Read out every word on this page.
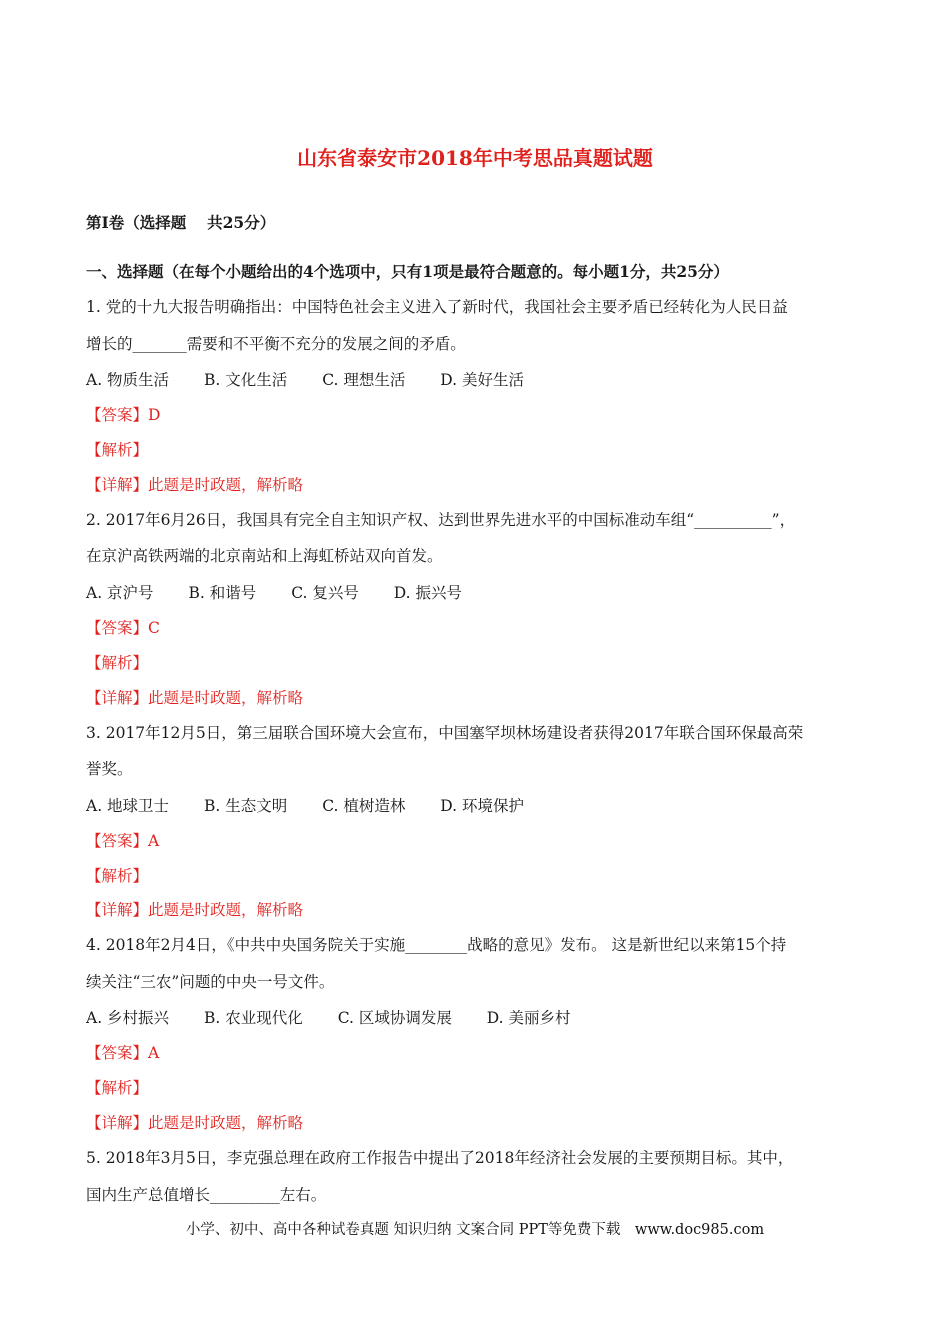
山东省泰安市2018年中考思品真题试题

第I卷（选择题　 共25分）

一、选择题（在每个小题给出的4个选项中，只有1项是最符合题意的。每小题1分，共25分）

1. 党的十九大报告明确指出：中国特色社会主义进入了新时代，我国社会主要矛盾已经转化为人民日益

增长的_______需要和不平衡不充分的发展之间的矛盾。

A. 物质生活 B. 文化生活 C. 理想生活 D. 美好生活

【答案】D

【解析】

【详解】此题是时政题，解析略

2. 2017年6月26日，我国具有完全自主知识产权、达到世界先进水平的中国标准动车组“__________”，

在京沪高铁两端的北京南站和上海虹桥站双向首发。

A. 京沪号 B. 和谐号 C. 复兴号 D. 振兴号

【答案】C

【解析】

【详解】此题是时政题，解析略

3. 2017年12月5日，第三届联合国环境大会宣布，中国塞罕坝林场建设者获得2017年联合国环保最高荣

誉奖。

A. 地球卫士 B. 生态文明 C. 植树造林 D. 环境保护

【答案】A

【解析】

【详解】此题是时政题，解析略

4. 2018年2月4日，《中共中央国务院关于实施________战略的意见》发布。 这是新世纪以来第15个持

续关注“三农”问题的中央一号文件。

A. 乡村振兴 B. 农业现代化 C. 区域协调发展 D. 美丽乡村

【答案】A

【解析】

【详解】此题是时政题，解析略

5. 2018年3月5日，李克强总理在政府工作报告中提出了2018年经济社会发展的主要预期目标。其中，

国内生产总值增长_________左右。

小学、初中、高中各种试卷真题 知识归纳 文案合同 PPT等免费下载　www.doc985.com
